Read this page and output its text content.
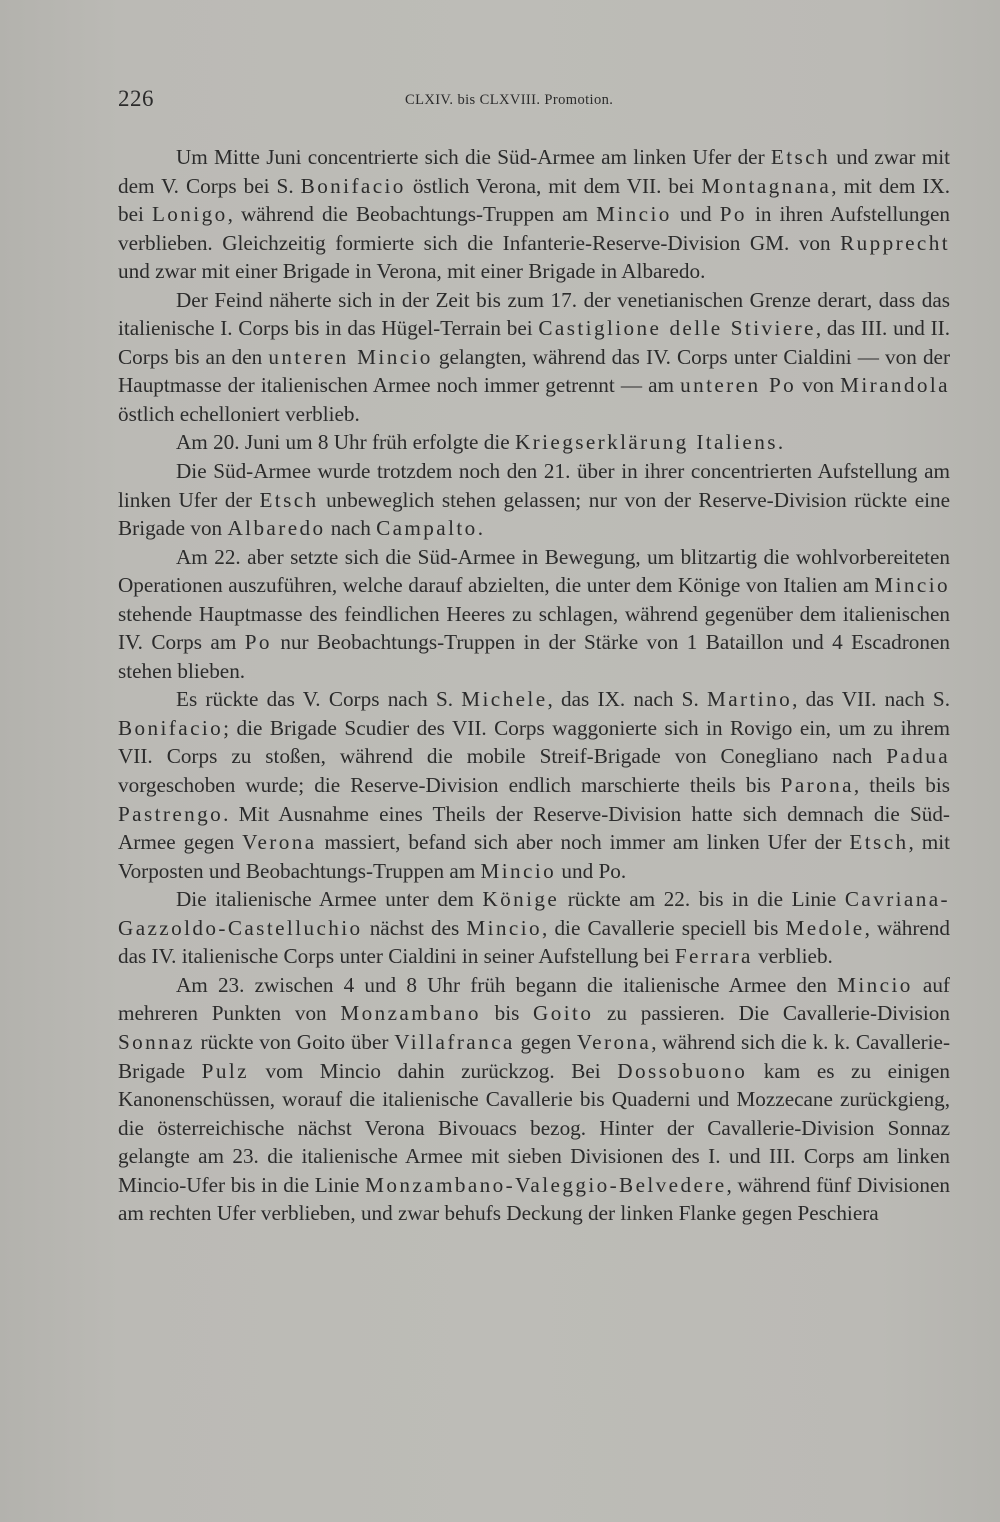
226	CLXIV. bis CLXVIII. Promotion.

Um Mitte Juni concentrierte sich die Süd-Armee am linken Ufer der Etsch und zwar mit dem V. Corps bei S. Bonifacio östlich Verona, mit dem VII. bei Montagnana, mit dem IX. bei Lonigo, während die Beobachtungs-Truppen am Mincio und Po in ihren Aufstellungen verblieben. Gleichzeitig formierte sich die Infanterie-Reserve-Division GM. von Rupprecht und zwar mit einer Brigade in Verona, mit einer Brigade in Albaredo.

Der Feind näherte sich in der Zeit bis zum 17. der venetianischen Grenze derart, dass das italienische I. Corps bis in das Hügel-Terrain bei Castiglione delle Stiviere, das III. und II. Corps bis an den unteren Mincio gelangten, während das IV. Corps unter Cialdini — von der Hauptmasse der italienischen Armee noch immer getrennt — am unteren Po von Mirandola östlich echelloniert verblieb.

Am 20. Juni um 8 Uhr früh erfolgte die Kriegserklärung Italiens.

Die Süd-Armee wurde trotzdem noch den 21. über in ihrer concentrierten Aufstellung am linken Ufer der Etsch unbeweglich stehen gelassen; nur von der Reserve-Division rückte eine Brigade von Albaredo nach Campalto.

Am 22. aber setzte sich die Süd-Armee in Bewegung, um blitzartig die wohlvorbereiteten Operationen auszuführen, welche darauf abzielten, die unter dem Könige von Italien am Mincio stehende Hauptmasse des feindlichen Heeres zu schlagen, während gegenüber dem italienischen IV. Corps am Po nur Beobachtungs-Truppen in der Stärke von 1 Bataillon und 4 Escadronen stehen blieben.

Es rückte das V. Corps nach S. Michele, das IX. nach S. Martino, das VII. nach S. Bonifacio; die Brigade Scudier des VII. Corps waggonierte sich in Rovigo ein, um zu ihrem VII. Corps zu stoßen, während die mobile Streif-Brigade von Conegliano nach Padua vorgeschoben wurde; die Reserve-Division endlich marschierte theils bis Parona, theils bis Pastrengo. Mit Ausnahme eines Theils der Reserve-Division hatte sich demnach die Süd-Armee gegen Verona massiert, befand sich aber noch immer am linken Ufer der Etsch, mit Vorposten und Beobachtungs-Truppen am Mincio und Po.

Die italienische Armee unter dem Könige rückte am 22. bis in die Linie Cavriana-Gazzoldo-Castelluchio nächst des Mincio, die Cavallerie speciell bis Medole, während das IV. italienische Corps unter Cialdini in seiner Aufstellung bei Ferrara verblieb.

Am 23. zwischen 4 und 8 Uhr früh begann die italienische Armee den Mincio auf mehreren Punkten von Monzambano bis Goito zu passieren. Die Cavallerie-Division Sonnaz rückte von Goito über Villafranca gegen Verona, während sich die k. k. Cavallerie-Brigade Pulz vom Mincio dahin zurückzog. Bei Dossobuono kam es zu einigen Kanonenschüssen, worauf die italienische Cavallerie bis Quaderni und Mozzecane zurückgieng, die österreichische nächst Verona Bivouacs bezog. Hinter der Cavallerie-Division Sonnaz gelangte am 23. die italienische Armee mit sieben Divisionen des I. und III. Corps am linken Mincio-Ufer bis in die Linie Monzambano-Valeggio-Belvedere, während fünf Divisionen am rechten Ufer verblieben, und zwar behufs Deckung der linken Flanke gegen Peschiera
